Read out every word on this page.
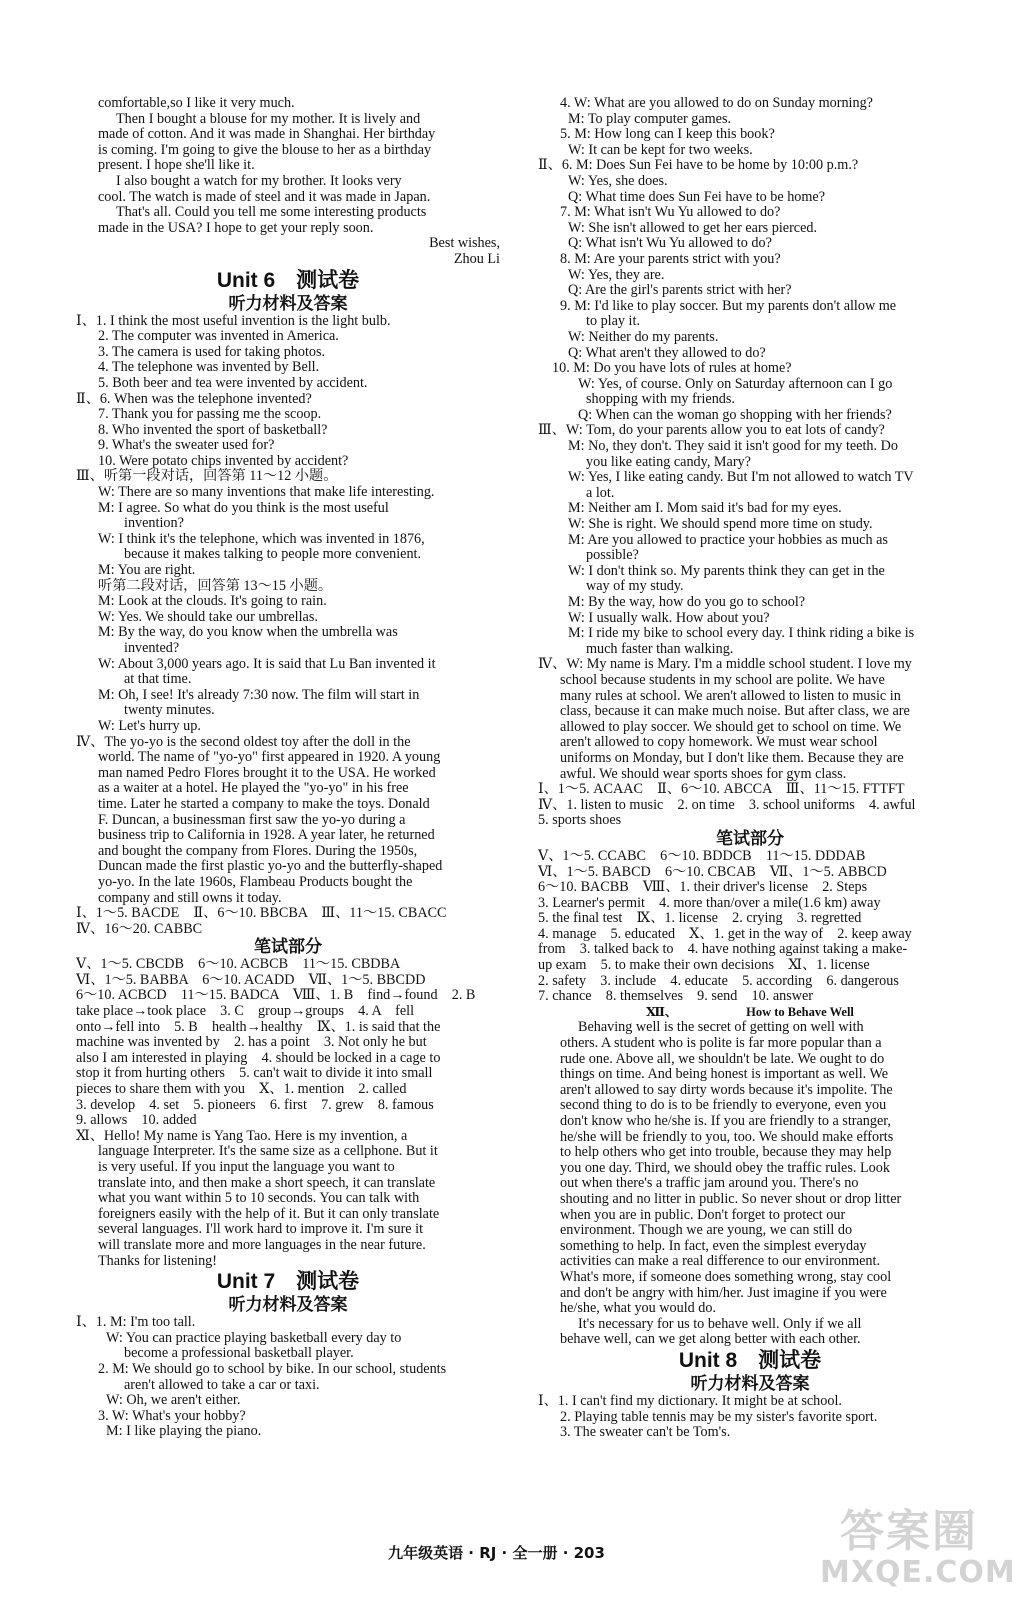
comfortable,so I like it very much.
Then I bought a blouse for my mother. It is lively and
made of cotton. And it was made in Shanghai. Her birthday
is coming. I'm going to give the blouse to her as a birthday
present. I hope she'll like it.
I also bought a watch for my brother. It looks very
cool. The watch is made of steel and it was made in Japan.
That's all. Could you tell me some interesting products
made in the USA? I hope to get your reply soon.
Best wishes,
Zhou Li
Unit 6　测试卷
听力材料及答案
Ⅰ、1. I think the most useful invention is the light bulb.
2. The computer was invented in America.
3. The camera is used for taking photos.
4. The telephone was invented by Bell.
5. Both beer and tea were invented by accident.
Ⅱ、6. When was the telephone invented?
7. Thank you for passing me the scoop.
8. Who invented the sport of basketball?
9. What's the sweater used for?
10. Were potato chips invented by accident?
Ⅲ、听第一段对话，回答第 11～12 小题。
W: There are so many inventions that make life interesting.
M: I agree. So what do you think is the most useful
invention?
W: I think it's the telephone, which was invented in 1876,
because it makes talking to people more convenient.
M: You are right.
听第二段对话，回答第 13～15 小题。
M: Look at the clouds. It's going to rain.
W: Yes. We should take our umbrellas.
M: By the way, do you know when the umbrella was
invented?
W: About 3,000 years ago. It is said that Lu Ban invented it
at that time.
M: Oh, I see! It's already 7:30 now. The film will start in
twenty minutes.
W: Let's hurry up.
Ⅳ、The yo-yo is the second oldest toy after the doll in the
world. The name of "yo-yo" first appeared in 1920. A young
man named Pedro Flores brought it to the USA. He worked
as a waiter at a hotel. He played the "yo-yo" in his free
time. Later he started a company to make the toys. Donald
F. Duncan, a businessman first saw the yo-yo during a
business trip to California in 1928. A year later, he returned
and bought the company from Flores. During the 1950s,
Duncan made the first plastic yo-yo and the butterfly-shaped
yo-yo. In the late 1960s, Flambeau Products bought the
company and still owns it today.
Ⅰ、1～5. BACDE　Ⅱ、6～10. BBCBA　Ⅲ、11～15. CBACC
Ⅳ、16～20. CABBC
笔试部分
Ⅴ、1～5. CBCDB　6～10. ACBCB　11～15. CBDBA
Ⅵ、1～5. BABBA　6～10. ACADD　Ⅶ、1～5. BBCDD
6～10. ACBCD　11～15. BADCA　Ⅷ、1. B　find→found　2. B
take place→took place　3. C　group→groups　4. A　fell
onto→fell into　5. B　health→healthy　Ⅸ、1. is said that the
machine was invented by　2. has a point　3. Not only he but
also I am interested in playing　4. should be locked in a cage to
stop it from hurting others　5. can't wait to divide it into small
pieces to share them with you　Ⅹ、1. mention　2. called
3. develop　4. set　5. pioneers　6. first　7. grew　8. famous
9. allows　10. added
Ⅺ、Hello! My name is Yang Tao. Here is my invention, a
language Interpreter. It's the same size as a cellphone. But it
is very useful. If you input the language you want to
translate into, and then make a short speech, it can translate
what you want within 5 to 10 seconds. You can talk with
foreigners easily with the help of it. But it can only translate
several languages. I'll work hard to improve it. I'm sure it
will translate more and more languages in the near future.
Thanks for listening!
Unit 7　测试卷
听力材料及答案
Ⅰ、1. M: I'm too tall.
W: You can practice playing basketball every day to
become a professional basketball player.
2. M: We should go to school by bike. In our school, students
aren't allowed to take a car or taxi.
W: Oh, we aren't either.
3. W: What's your hobby?
M: I like playing the piano.
4. W: What are you allowed to do on Sunday morning?
M: To play computer games.
5. M: How long can I keep this book?
W: It can be kept for two weeks.
Ⅱ、6. M: Does Sun Fei have to be home by 10:00 p.m.?
W: Yes, she does.
Q: What time does Sun Fei have to be home?
7. M: What isn't Wu Yu allowed to do?
W: She isn't allowed to get her ears pierced.
Q: What isn't Wu Yu allowed to do?
8. M: Are your parents strict with you?
W: Yes, they are.
Q: Are the girl's parents strict with her?
9. M: I'd like to play soccer. But my parents don't allow me
to play it.
W: Neither do my parents.
Q: What aren't they allowed to do?
10. M: Do you have lots of rules at home?
W: Yes, of course. Only on Saturday afternoon can I go
shopping with my friends.
Q: When can the woman go shopping with her friends?
Ⅲ、W: Tom, do your parents allow you to eat lots of candy?
M: No, they don't. They said it isn't good for my teeth. Do
you like eating candy, Mary?
W: Yes, I like eating candy. But I'm not allowed to watch TV
a lot.
M: Neither am I. Mom said it's bad for my eyes.
W: She is right. We should spend more time on study.
M: Are you allowed to practice your hobbies as much as
possible?
W: I don't think so. My parents think they can get in the
way of my study.
M: By the way, how do you go to school?
W: I usually walk. How about you?
M: I ride my bike to school every day. I think riding a bike is
much faster than walking.
Ⅳ、W: My name is Mary. I'm a middle school student. I love my
school because students in my school are polite. We have
many rules at school. We aren't allowed to listen to music in
class, because it can make much noise. But after class, we are
allowed to play soccer. We should get to school on time. We
aren't allowed to copy homework. We must wear school
uniforms on Monday, but I don't like them. Because they are
awful. We should wear sports shoes for gym class.
Ⅰ、1～5. ACAAC　Ⅱ、6～10. ABCCA　Ⅲ、11～15. FTTFT
Ⅳ、1. listen to music　2. on time　3. school uniforms　4. awful
5. sports shoes
笔试部分
Ⅴ、1～5. CCABC　6～10. BDDCB　11～15. DDDAB
Ⅵ、1～5. BABCD　6～10. CBCAB　Ⅶ、1～5. ABBCD
6～10. BACBB　Ⅷ、1. their driver's license　2. Steps
3. Learner's permit　4. more than/over a mile(1.6 km) away
5. the final test　Ⅸ、1. license　2. crying　3. regretted
4. manage　5. educated　Ⅹ、1. get in the way of　2. keep away
from　3. talked back to　4. have nothing against taking a make-
up exam　5. to make their own decisions　Ⅺ、1. license
2. safety　3. include　4. educate　5. according　6. dangerous
7. chance　8. themselves　9. send　10. answer
Ⅻ、　　　　　　How to Behave Well
Behaving well is the secret of getting on well with
others. A student who is polite is far more popular than a
rude one. Above all, we shouldn't be late. We ought to do
things on time. And being honest is important as well. We
aren't allowed to say dirty words because it's impolite. The
second thing to do is to be friendly to everyone, even you
don't know who he/she is. If you are friendly to a stranger,
he/she will be friendly to you, too. We should make efforts
to help others who get into trouble, because they may help
you one day. Third, we should obey the traffic rules. Look
out when there's a traffic jam around you. There's no
shouting and no litter in public. So never shout or drop litter
when you are in public. Don't forget to protect our
environment. Though we are young, we can still do
something to help. In fact, even the simplest everyday
activities can make a real difference to our environment.
What's more, if someone does something wrong, stay cool
and don't be angry with him/her. Just imagine if you were
he/she, what you would do.
It's necessary for us to behave well. Only if we all
behave well, can we get along better with each other.
Unit 8　测试卷
听力材料及答案
Ⅰ、1. I can't find my dictionary. It might be at school.
2. Playing table tennis may be my sister's favorite sport.
3. The sweater can't be Tom's.
九年级英语 · RJ · 全一册 · 203	答案圈
MXQE.COM
